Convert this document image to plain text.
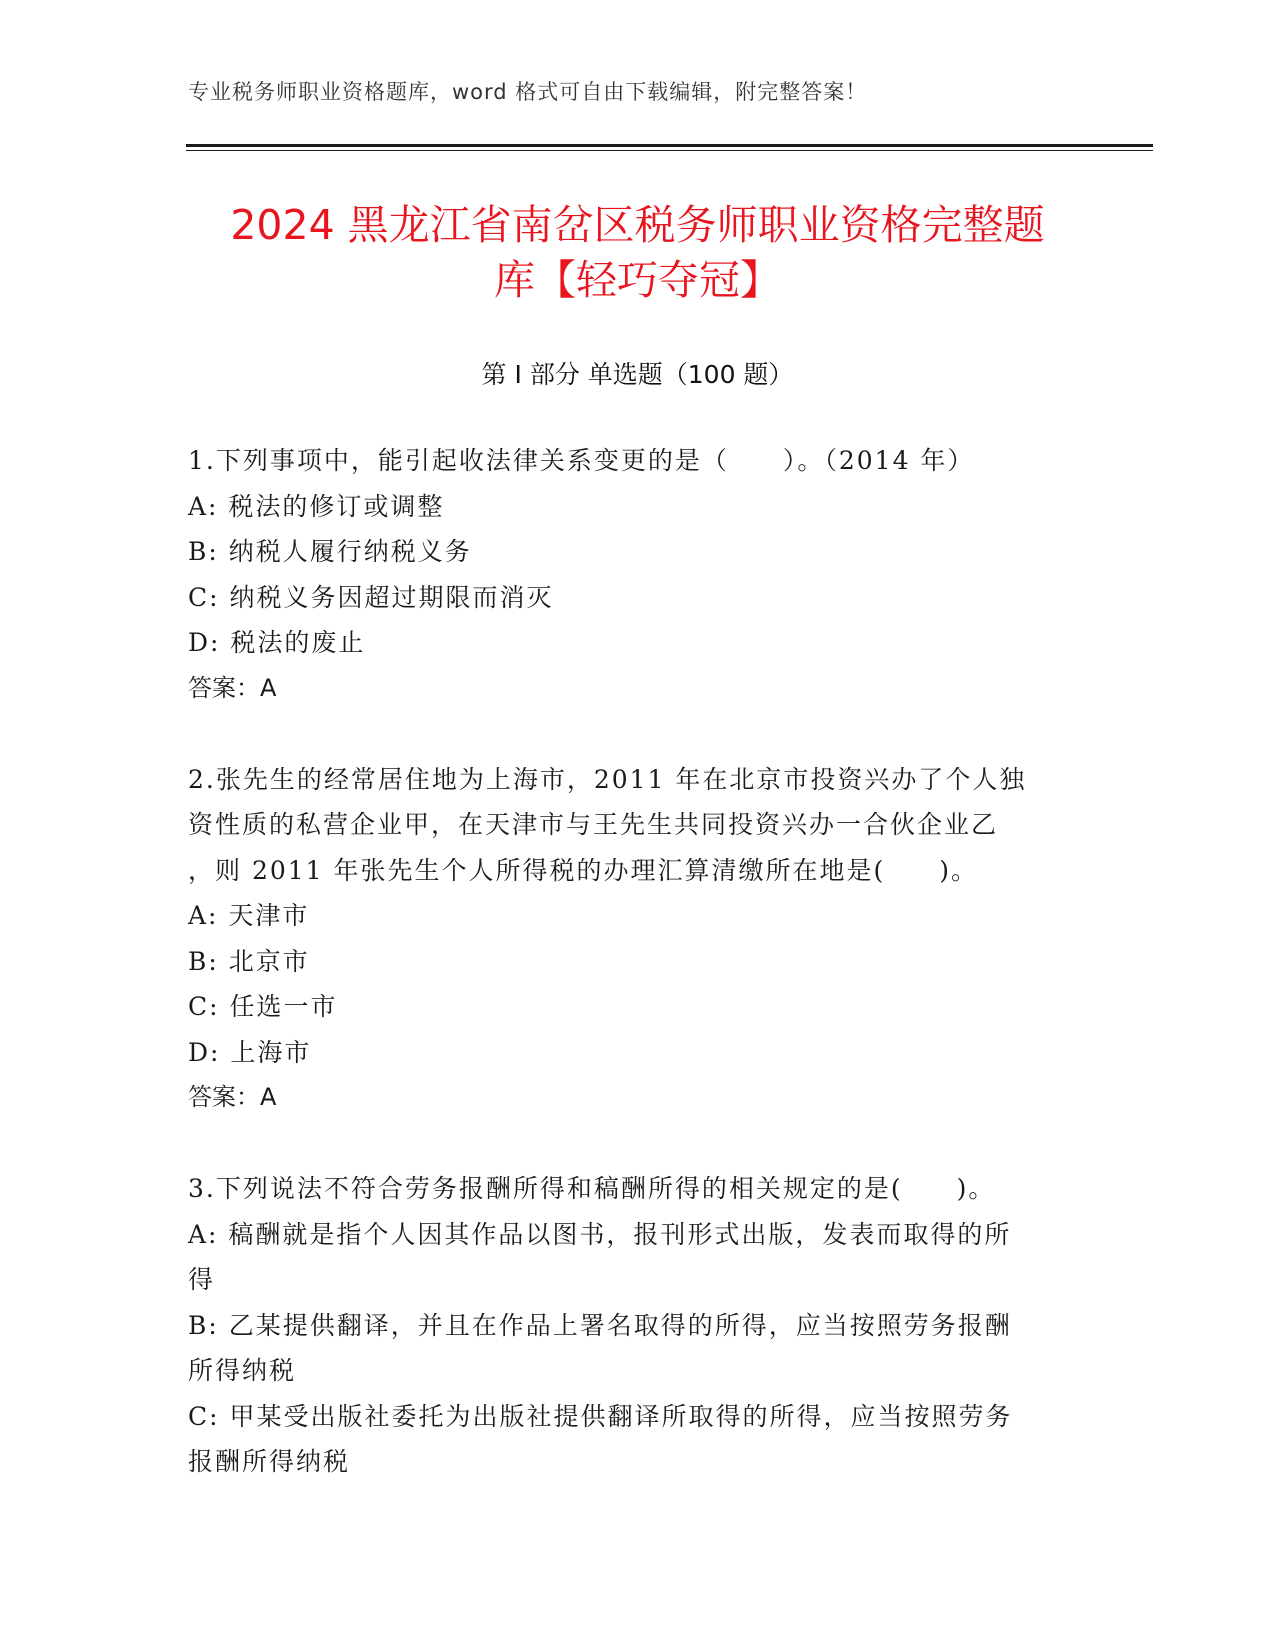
专业税务师职业资格题库，word 格式可自由下载编辑，附完整答案！
2024 黑龙江省南岔区税务师职业资格完整题
库【轻巧夺冠】
第 I 部分 单选题（100 题）
1.下列事项中，能引起收法律关系变更的是（　　）。（2014 年）
A: 税法的修订或调整
B: 纳税人履行纳税义务
C: 纳税义务因超过期限而消灭
D: 税法的废止
答案：A
2.张先生的经常居住地为上海市，2011 年在北京市投资兴办了个人独
资性质的私营企业甲，在天津市与王先生共同投资兴办一合伙企业乙
，则 2011 年张先生个人所得税的办理汇算清缴所在地是(　　)。
A: 天津市
B: 北京市
C: 任选一市
D: 上海市
答案：A
3.下列说法不符合劳务报酬所得和稿酬所得的相关规定的是(　　)。
A: 稿酬就是指个人因其作品以图书，报刊形式出版，发表而取得的所
得
B: 乙某提供翻译，并且在作品上署名取得的所得，应当按照劳务报酬
所得纳税
C: 甲某受出版社委托为出版社提供翻译所取得的所得，应当按照劳务
报酬所得纳税
